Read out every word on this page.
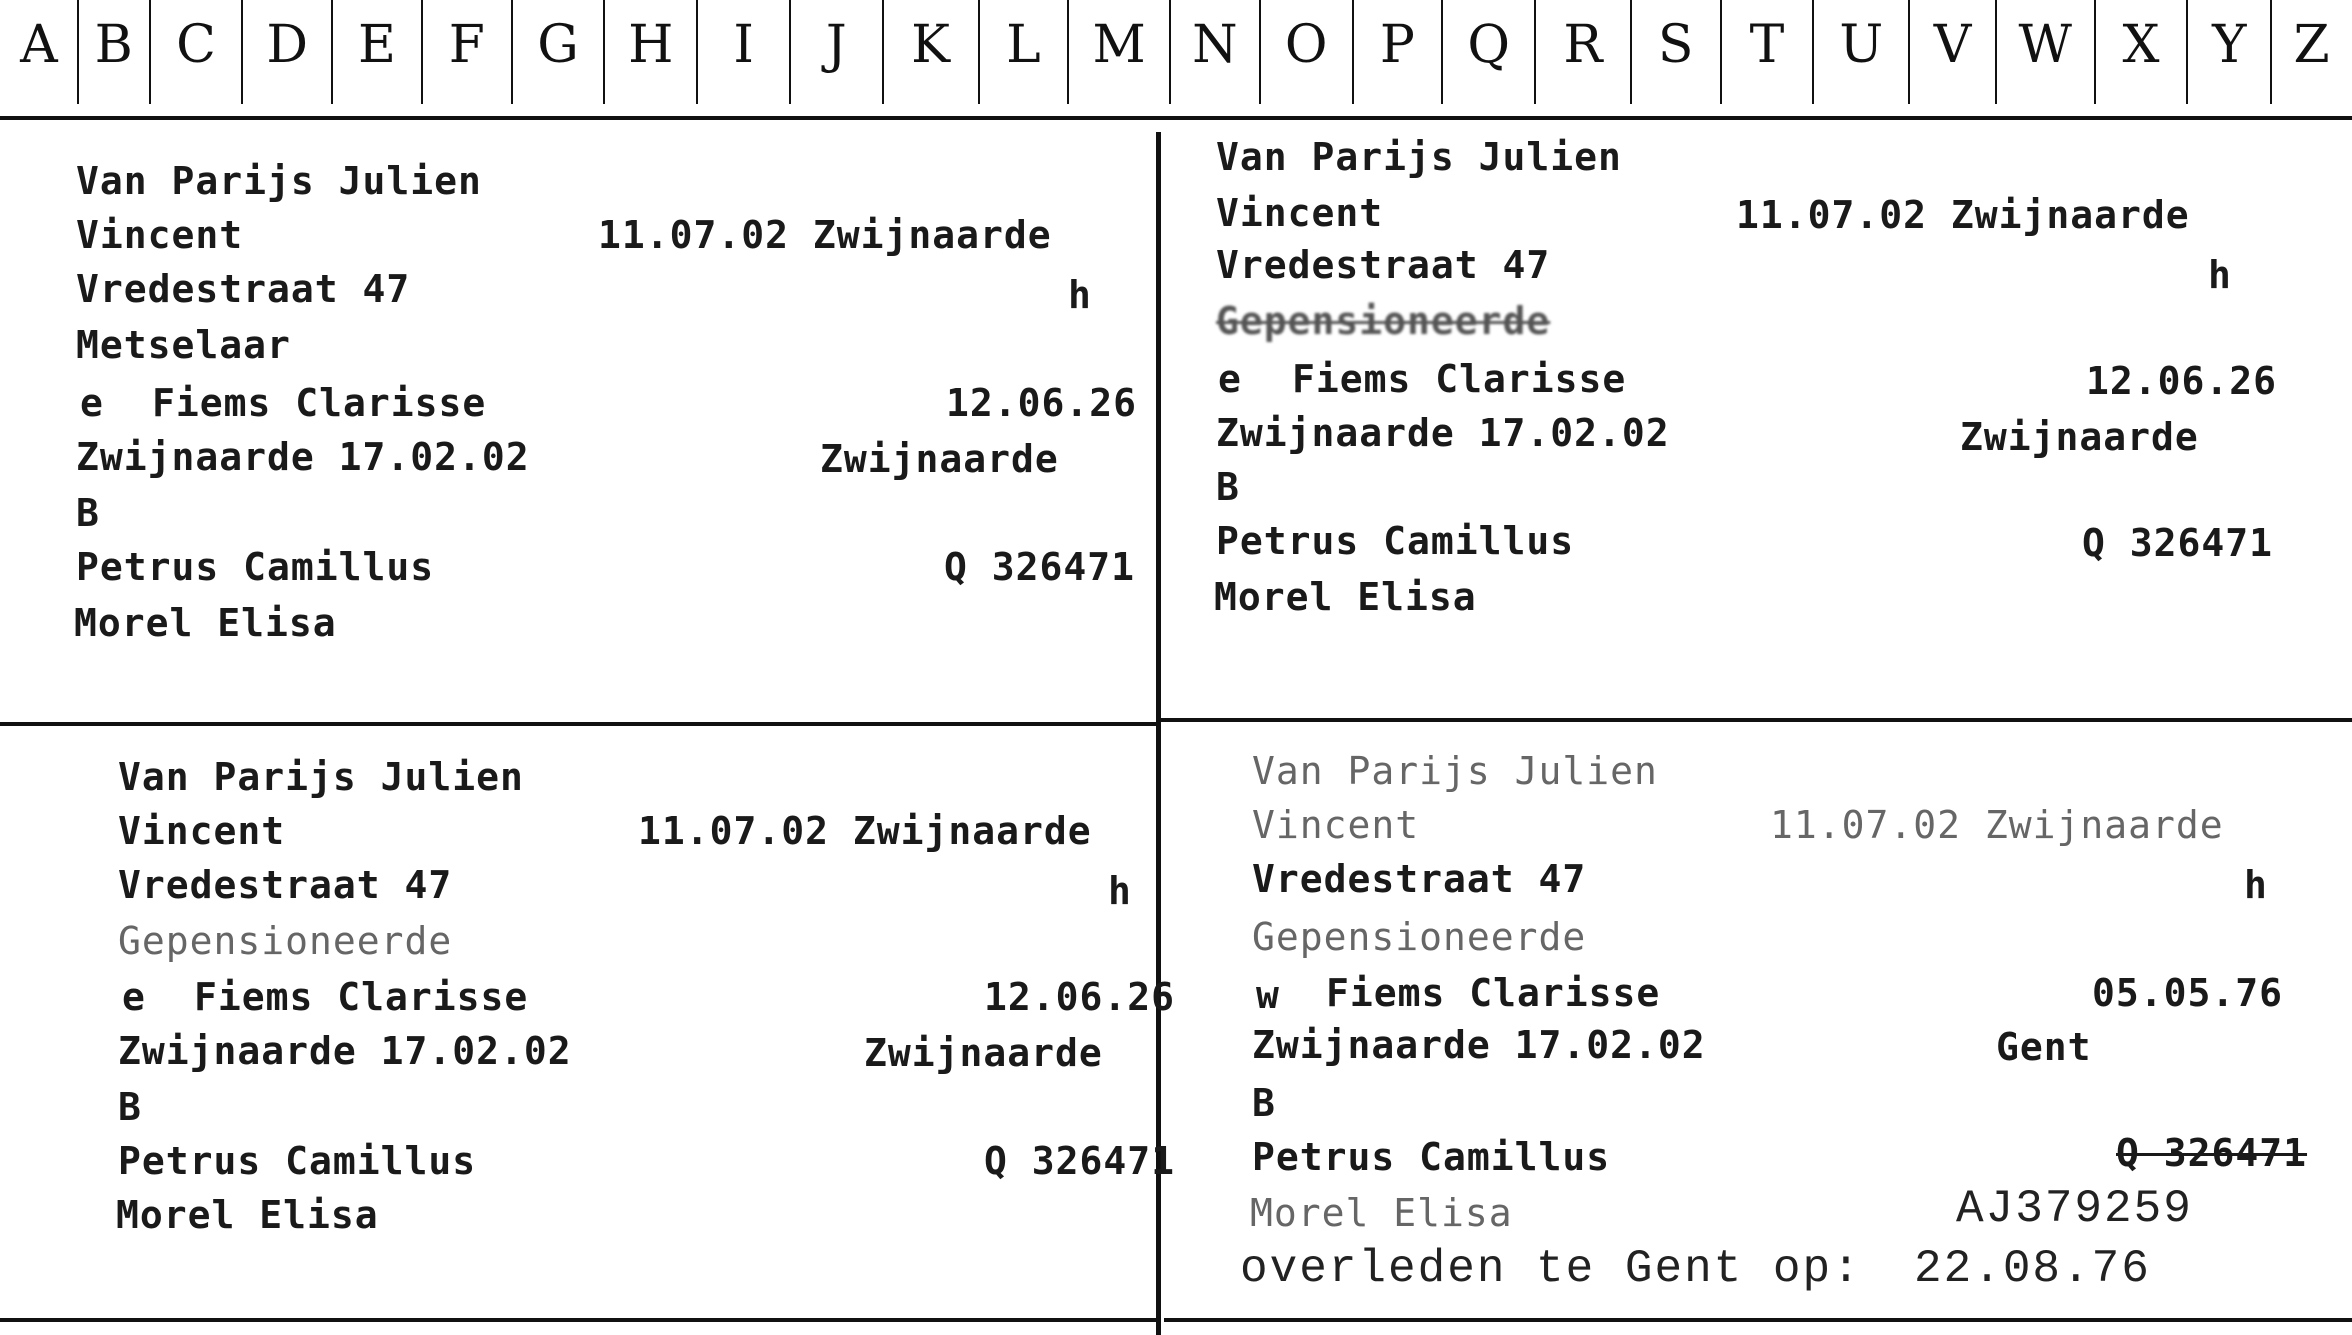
A B C D E	F	G H	I	J	K	L M N O	P	Q	R	S	T	U V W X	Y Z
Van Parijs Julien
Vincent	11.07.02 Zwijnaarde
Vredestraat 47	h
Metselaar
e Fiems Clarisse	12.06.26
Zwijnaarde 17.02.02	Zwijnaarde
B
Petrus Camillus	Q 326471
Morel Elisa
Van Parijs Julien
Vincent	11.07.02 Zwijnaarde
Vredestraat 47	h
Gepensioneerde
e Fiems Clarisse	12.06.26
Zwijnaarde 17.02.02	Zwijnaarde
B
Petrus Camillus	Q 326471
Morel Elisa
Van Parijs Julien
Vincent	11.07.02 Zwijnaarde
Vredestraat 47	h
Gepensioneerde
e Fiems Clarisse	12.06.26
Zwijnaarde 17.02.02	Zwijnaarde
B
Petrus Camillus	Q 326471
Morel Elisa
Van Parijs Julien
Vincent	11.07.02 Zwijnaarde
Vredestraat 47	h
Gepensioneerde
w Fiems Clarisse	05.05.76
Zwijnaarde 17.02.02	Gent
B
Petrus Camillus	Q 326471
Morel Elisa	AJ379259
overleden te Gent op: 22.08.76
